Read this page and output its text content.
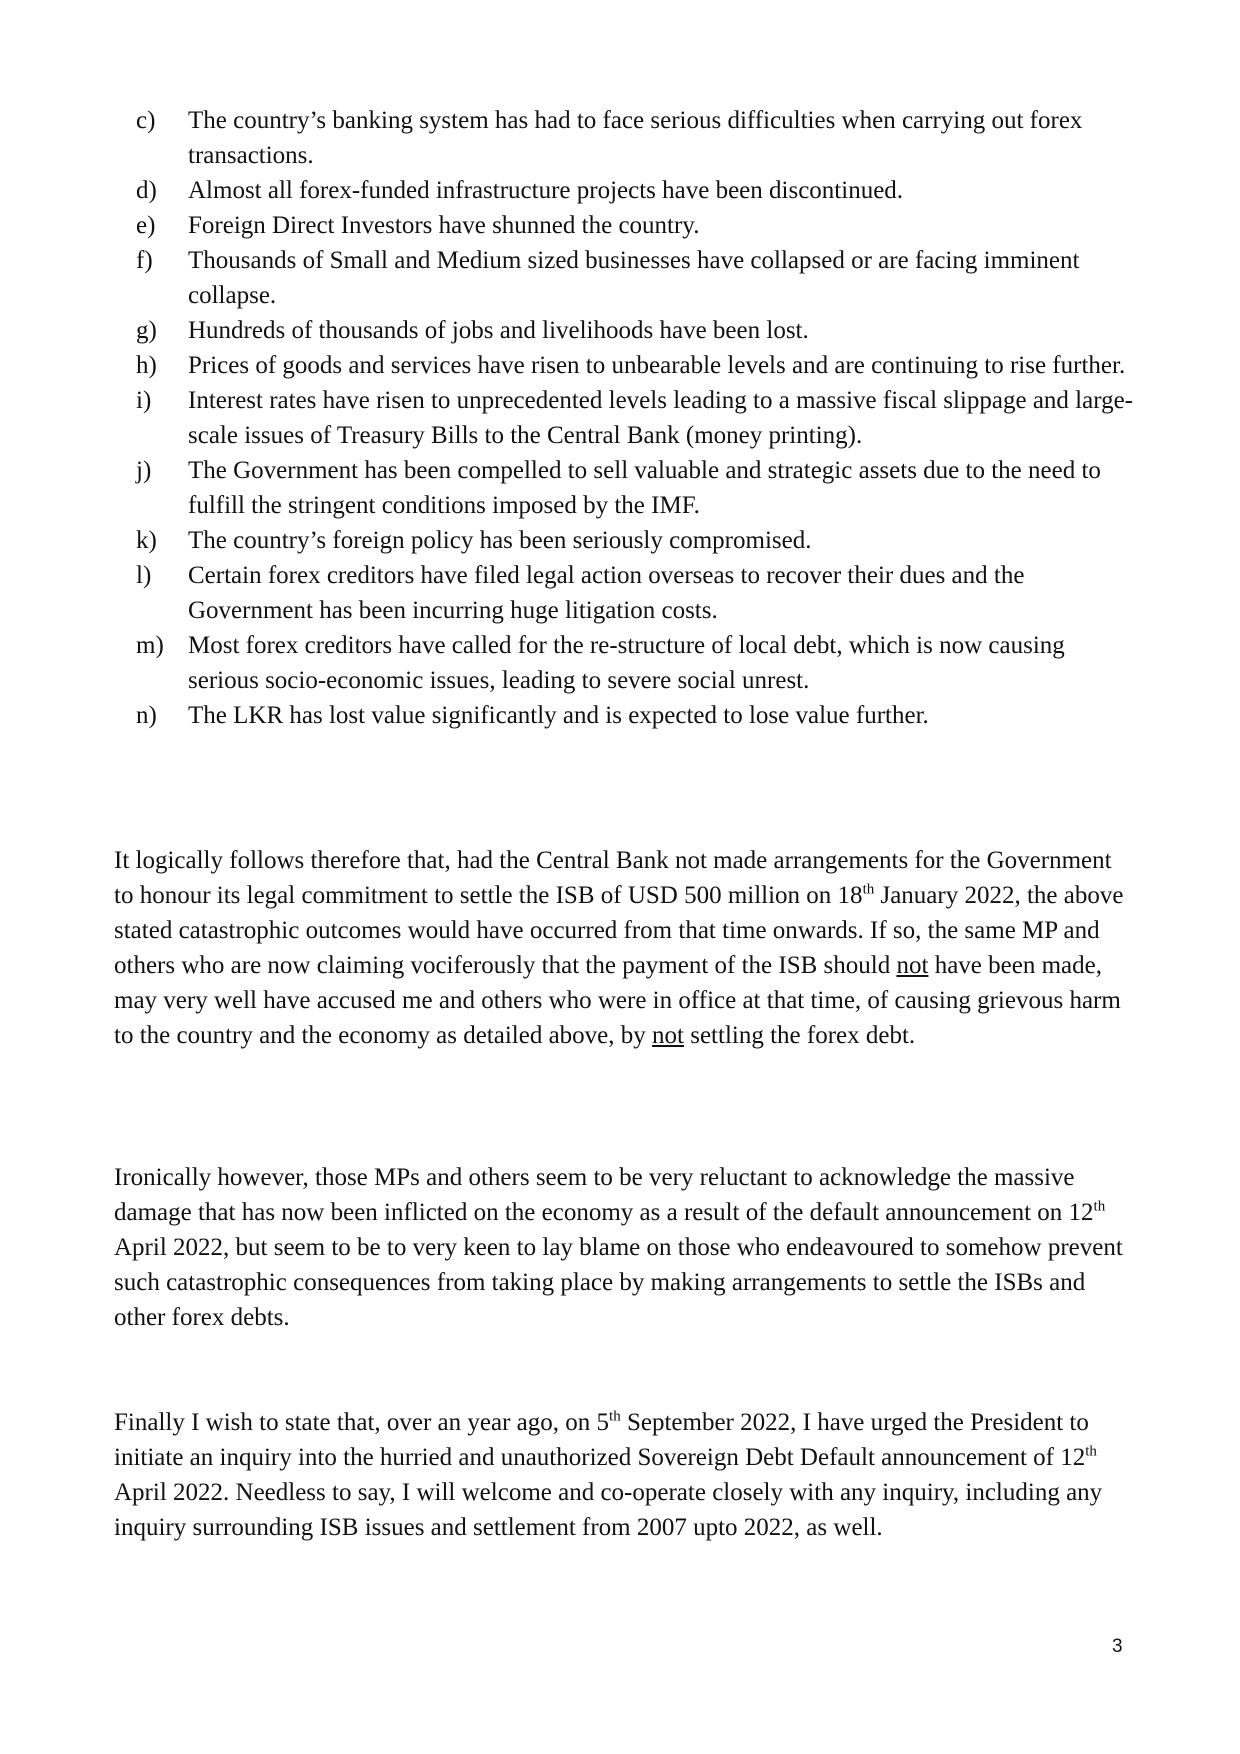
c) The country’s banking system has had to face serious difficulties when carrying out forex transactions.
d) Almost all forex-funded infrastructure projects have been discontinued.
e) Foreign Direct Investors have shunned the country.
f) Thousands of Small and Medium sized businesses have collapsed or are facing imminent collapse.
g) Hundreds of thousands of jobs and livelihoods have been lost.
h) Prices of goods and services have risen to unbearable levels and are continuing to rise further.
i) Interest rates have risen to unprecedented levels leading to a massive fiscal slippage and large-scale issues of Treasury Bills to the Central Bank (money printing).
j) The Government has been compelled to sell valuable and strategic assets due to the need to fulfill the stringent conditions imposed by the IMF.
k) The country’s foreign policy has been seriously compromised.
l) Certain forex creditors have filed legal action overseas to recover their dues and the Government has been incurring huge litigation costs.
m) Most forex creditors have called for the re-structure of local debt, which is now causing serious socio-economic issues, leading to severe social unrest.
n) The LKR has lost value significantly and is expected to lose value further.

It logically follows therefore that, had the Central Bank not made arrangements for the Government to honour its legal commitment to settle the ISB of USD 500 million on 18th January 2022, the above stated catastrophic outcomes would have occurred from that time onwards. If so, the same MP and others who are now claiming vociferously that the payment of the ISB should not have been made, may very well have accused me and others who were in office at that time, of causing grievous harm to the country and the economy as detailed above, by not settling the forex debt.

Ironically however, those MPs and others seem to be very reluctant to acknowledge the massive damage that has now been inflicted on the economy as a result of the default announcement on 12th April 2022, but seem to be to very keen to lay blame on those who endeavoured to somehow prevent such catastrophic consequences from taking place by making arrangements to settle the ISBs and other forex debts.

Finally I wish to state that, over an year ago, on 5th September 2022, I have urged the President to initiate an inquiry into the hurried and unauthorized Sovereign Debt Default announcement of 12th April 2022. Needless to say, I will welcome and co-operate closely with any inquiry, including any inquiry surrounding ISB issues and settlement from 2007 upto 2022, as well.

3
